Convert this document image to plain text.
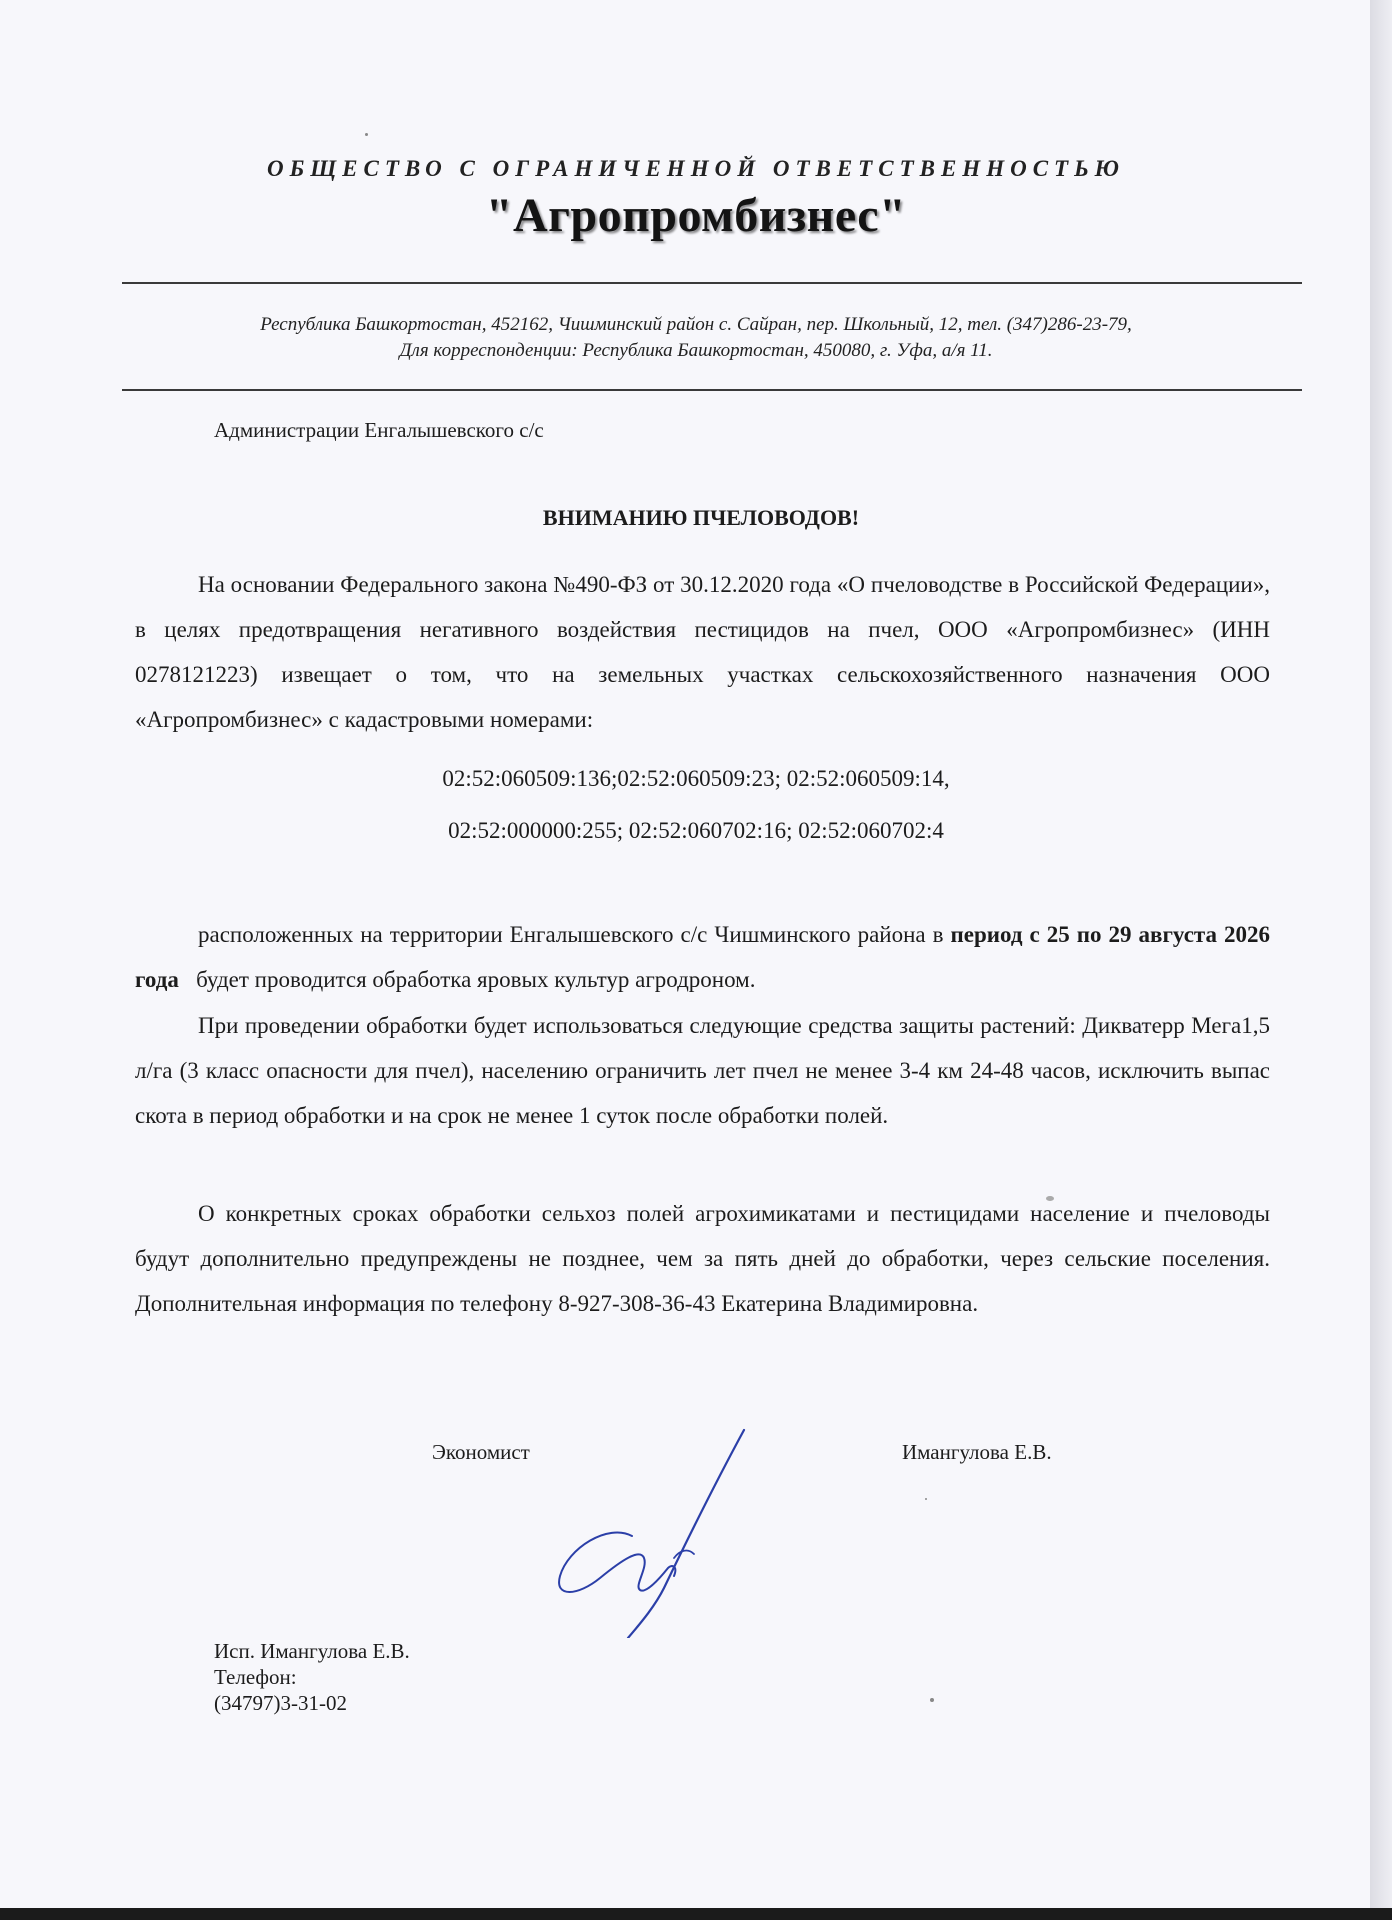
ОБЩЕСТВО С ОГРАНИЧЕННОЙ ОТВЕТСТВЕННОСТЬЮ
"Агропромбизнес"
Республика Башкортостан, 452162, Чишминский район с. Сайран, пер. Школьный, 12, тел. (347)286-23-79,
Для корреспонденции: Республика Башкортостан, 450080, г. Уфа, а/я 11.
Администрации Енгалышевского с/с
ВНИМАНИЮ ПЧЕЛОВОДОВ!

На основании Федерального закона №490-ФЗ от 30.12.2020 года «О пчеловодстве в Российской Федерации», в целях предотвращения негативного воздействия пестицидов на пчел, ООО «Агропромбизнес» (ИНН 0278121223) извещает о том, что на земельных участках сельскохозяйственного назначения ООО «Агропромбизнес» с кадастровыми номерами:

02:52:060509:136;02:52:060509:23; 02:52:060509:14,
02:52:000000:255; 02:52:060702:16; 02:52:060702:4

расположенных на территории Енгалышевского с/с Чишминского района в период с 25 по 29 августа 2026 года   будет проводится обработка яровых культур агродроном.

При проведении обработки будет использоваться следующие средства защиты растений: Дикватерр Мега1,5 л/га (3 класс опасности для пчел), населению ограничить лет пчел не менее 3-4 км 24-48 часов, исключить выпас скота в период обработки и на срок не менее 1 суток после обработки полей.

О конкретных сроках обработки сельхоз полей агрохимикатами и пестицидами население и пчеловоды будут дополнительно предупреждены не позднее, чем за пять дней до обработки, через сельские поселения. Дополнительная информация по телефону 8-927-308-36-43 Екатерина Владимировна.

Экономист	Имангулова Е.В.
Исп. Имангулова Е.В.
Телефон:
(34797)3-31-02
